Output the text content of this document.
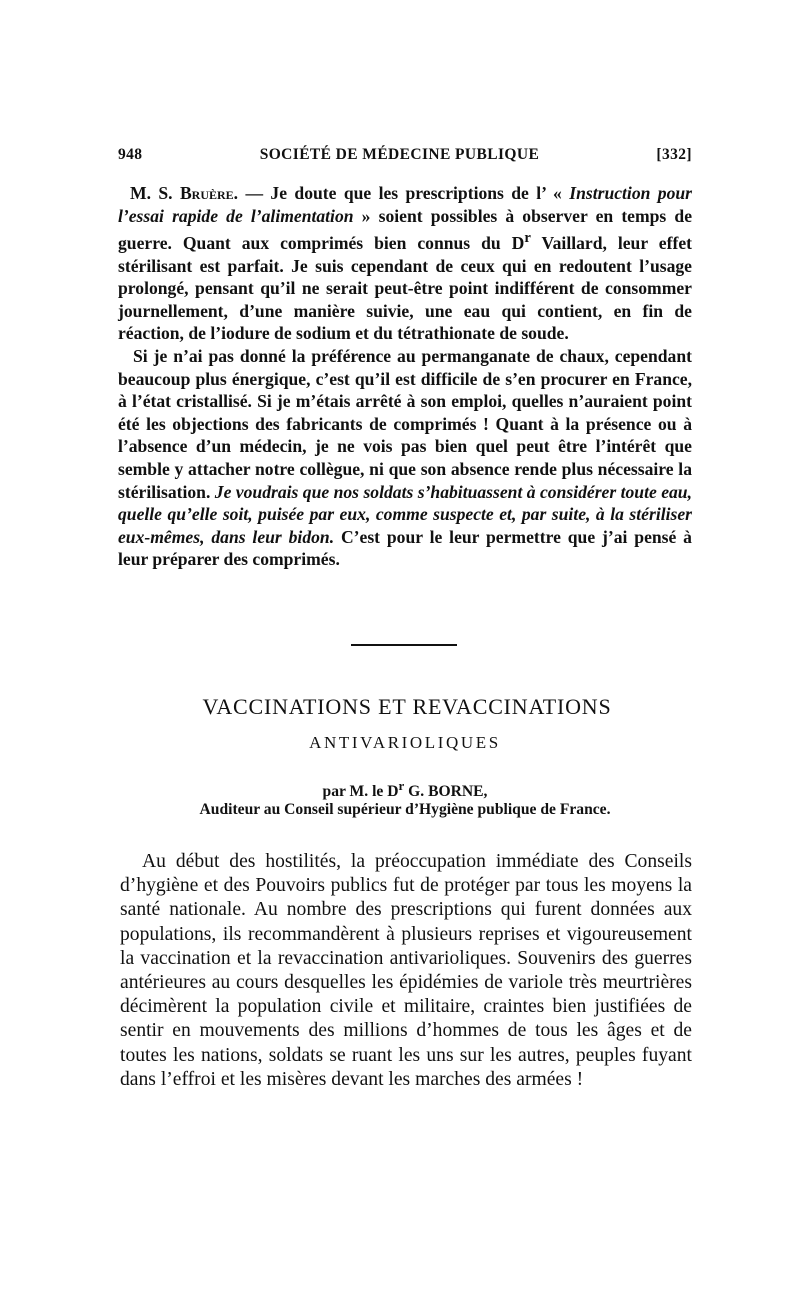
948	SOCIÉTÉ DE MÉDECINE PUBLIQUE	[332]

M. S. Bruère. — Je doute que les prescriptions de l’ « Instruction pour l’essai rapide de l’alimentation » soient possibles à observer en temps de guerre. Quant aux comprimés bien connus du $D^r$ Vaillard, leur effet stérilisant est parfait. Je suis cependant de ceux qui en redoutent l’usage prolongé, pensant qu’il ne serait peut-être point indifférent de consommer journellement, d’une manière suivie, une eau qui contient, en fin de réaction, de l’iodure de sodium et du tétrathionate de soude.

Si je n’ai pas donné la préférence au permanganate de chaux, cependant beaucoup plus énergique, c’est qu’il est difficile de s’en procurer en France, à l’état cristallisé. Si je m’étais arrêté à son emploi, quelles n’auraient point été les objections des fabricants de comprimés ! Quant à la présence ou à l’absence d’un médecin, je ne vois pas bien quel peut être l’intérêt que semble y attacher notre collègue, ni que son absence rende plus nécessaire la stérilisation. Je voudrais que nos soldats s’habituassent à considérer toute eau, quelle qu’elle soit, puisée par eux, comme suspecte et, par suite, à la stériliser eux-mêmes, dans leur bidon. C’est pour le leur permettre que j’ai pensé à leur préparer des comprimés.

VACCINATIONS ET REVACCINATIONS
ANTIVARIOLIQUES
par M. le $D^r$ G. BORNE,
Auditeur au Conseil supérieur d’Hygiène publique de France.

Au début des hostilités, la préoccupation immédiate des Conseils d’hygiène et des Pouvoirs publics fut de protéger par tous les moyens la santé nationale. Au nombre des prescriptions qui furent données aux populations, ils recommandèrent à plusieurs reprises et vigoureusement la vaccination et la revaccination antivarioliques. Souvenirs des guerres antérieures au cours desquelles les épidémies de variole très meurtrières décimèrent la population civile et militaire, craintes bien justifiées de sentir en mouvements des millions d’hommes de tous les âges et de toutes les nations, soldats se ruant les uns sur les autres, peuples fuyant dans l’effroi et les misères devant les marches des armées !
